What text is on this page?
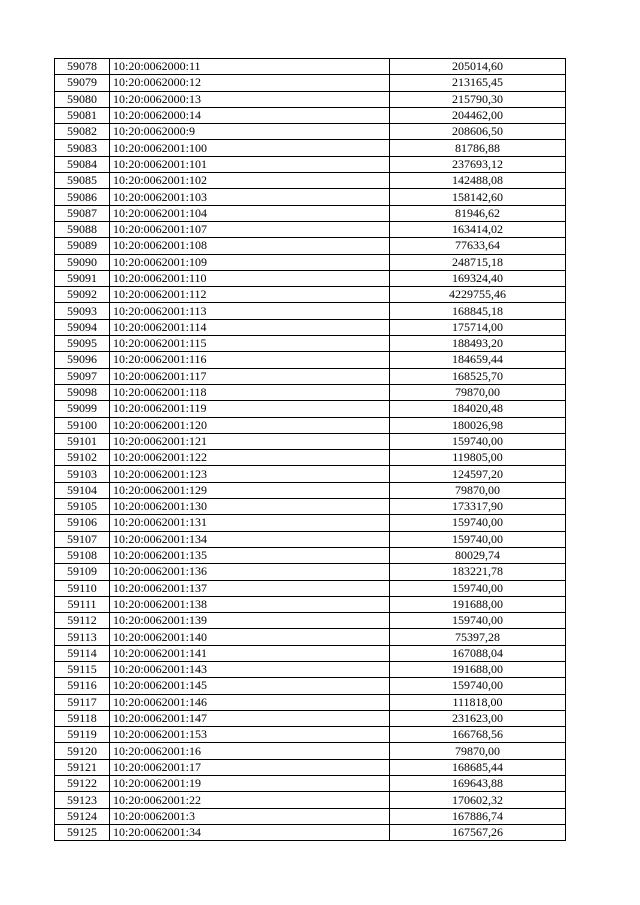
59078	10:20:0062000:11	205014,60
59079	10:20:0062000:12	213165,45
59080	10:20:0062000:13	215790,30
59081	10:20:0062000:14	204462,00
59082	10:20:0062000:9	208606,50
59083	10:20:0062001:100	81786,88
59084	10:20:0062001:101	237693,12
59085	10:20:0062001:102	142488,08
59086	10:20:0062001:103	158142,60
59087	10:20:0062001:104	81946,62
59088	10:20:0062001:107	163414,02
59089	10:20:0062001:108	77633,64
59090	10:20:0062001:109	248715,18
59091	10:20:0062001:110	169324,40
59092	10:20:0062001:112	4229755,46
59093	10:20:0062001:113	168845,18
59094	10:20:0062001:114	175714,00
59095	10:20:0062001:115	188493,20
59096	10:20:0062001:116	184659,44
59097	10:20:0062001:117	168525,70
59098	10:20:0062001:118	79870,00
59099	10:20:0062001:119	184020,48
59100	10:20:0062001:120	180026,98
59101	10:20:0062001:121	159740,00
59102	10:20:0062001:122	119805,00
59103	10:20:0062001:123	124597,20
59104	10:20:0062001:129	79870,00
59105	10:20:0062001:130	173317,90
59106	10:20:0062001:131	159740,00
59107	10:20:0062001:134	159740,00
59108	10:20:0062001:135	80029,74
59109	10:20:0062001:136	183221,78
59110	10:20:0062001:137	159740,00
59111	10:20:0062001:138	191688,00
59112	10:20:0062001:139	159740,00
59113	10:20:0062001:140	75397,28
59114	10:20:0062001:141	167088,04
59115	10:20:0062001:143	191688,00
59116	10:20:0062001:145	159740,00
59117	10:20:0062001:146	111818,00
59118	10:20:0062001:147	231623,00
59119	10:20:0062001:153	166768,56
59120	10:20:0062001:16	79870,00
59121	10:20:0062001:17	168685,44
59122	10:20:0062001:19	169643,88
59123	10:20:0062001:22	170602,32
59124	10:20:0062001:3	167886,74
59125	10:20:0062001:34	167567,26
